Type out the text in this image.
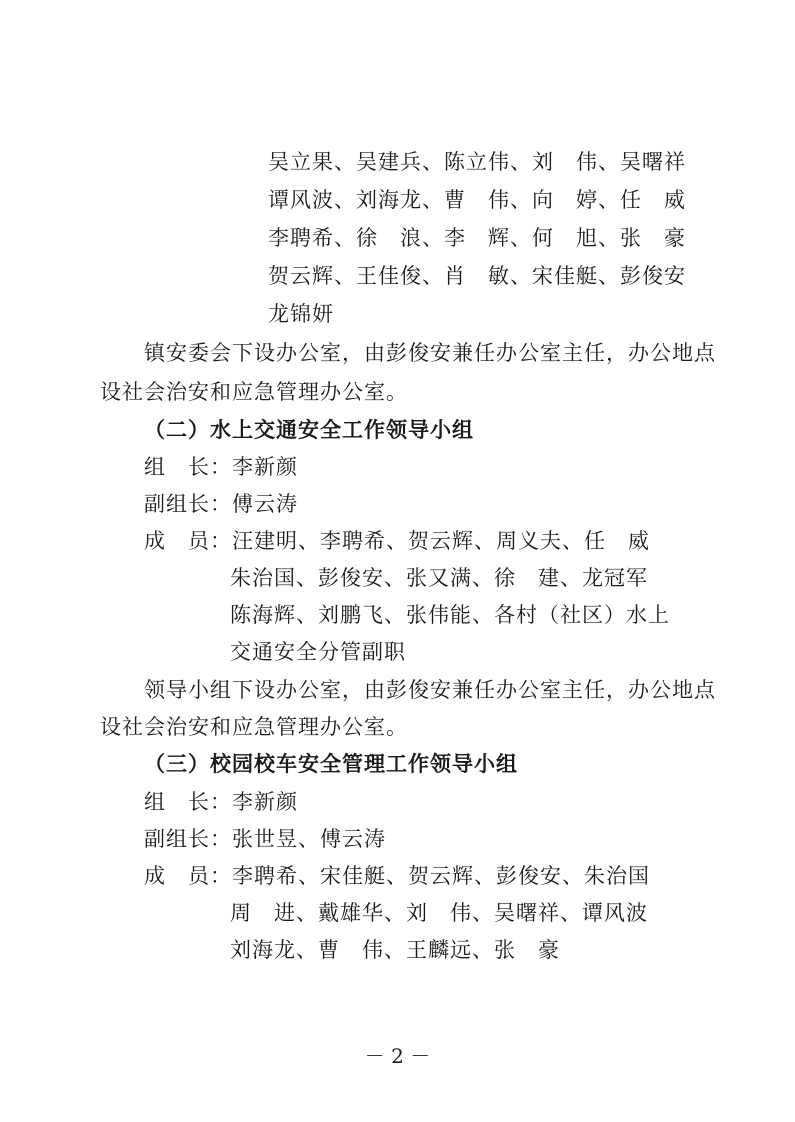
吴立果、吴建兵、陈立伟、刘　伟、吴曙祥
谭风波、刘海龙、曹　伟、向　婷、任　威
李聘希、徐　浪、李　辉、何　旭、张　豪
贺云辉、王佳俊、肖　敏、宋佳艇、彭俊安
龙锦妍
镇安委会下设办公室，由彭俊安兼任办公室主任，办公地点
设社会治安和应急管理办公室。
（二）水上交通安全工作领导小组
组　长：李新颜
副组长：傅云涛
成　员：汪建明、李聘希、贺云辉、周义夫、任　威
朱治国、彭俊安、张又满、徐　建、龙冠军
陈海辉、刘鹏飞、张伟能、各村（社区）水上
交通安全分管副职
领导小组下设办公室，由彭俊安兼任办公室主任，办公地点
设社会治安和应急管理办公室。
（三）校园校车安全管理工作领导小组
组　长：李新颜
副组长：张世昱、傅云涛
成　员：李聘希、宋佳艇、贺云辉、彭俊安、朱治国
周　进、戴雄华、刘　伟、吴曙祥、谭风波
刘海龙、曹　伟、王麟远、张　豪
－ 2 －
